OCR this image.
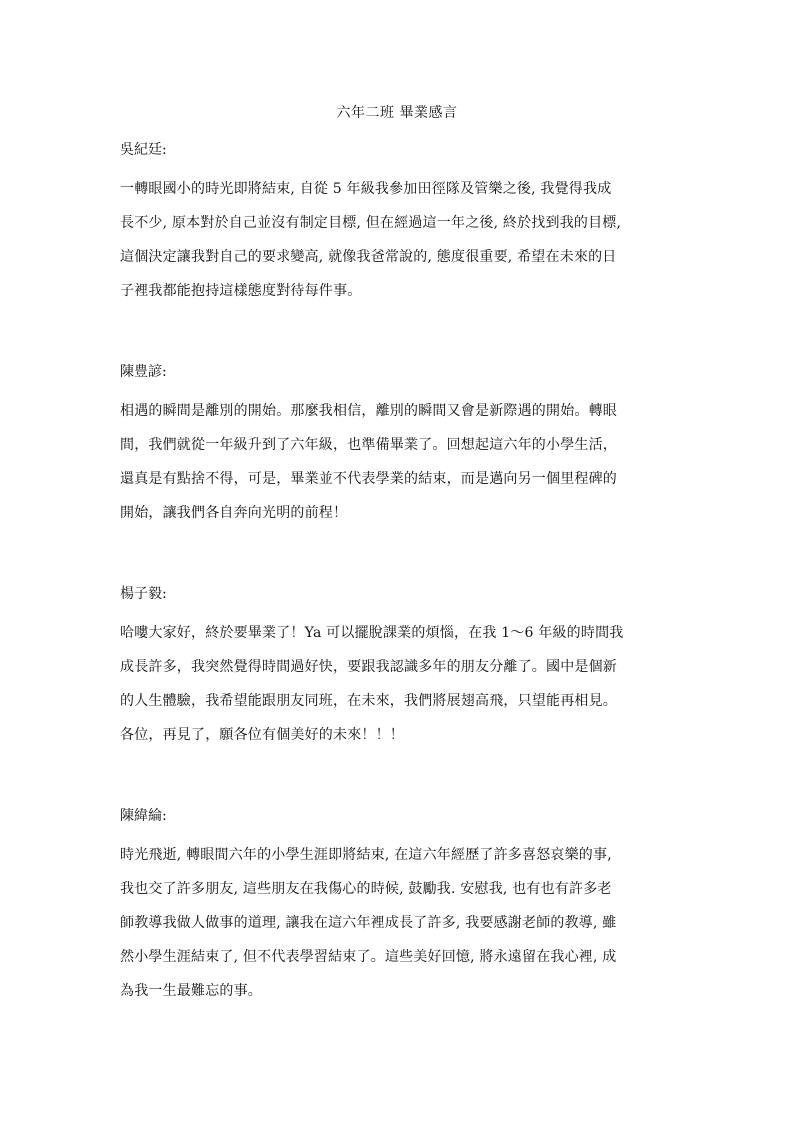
六年二班 畢業感言

吳紀廷:

一轉眼國小的時光即將結束, 自從 5 年級我參加田徑隊及管樂之後, 我覺得我成
長不少, 原本對於自己並沒有制定目標, 但在經過這一年之後, 終於找到我的目標,
這個決定讓我對自己的要求變高, 就像我爸常說的, 態度很重要, 希望在未來的日
子裡我都能抱持這樣態度對待每件事。

陳豊諺:

相遇的瞬間是離別的開始。那麼我相信，離別的瞬間又會是新際遇的開始。轉眼
間，我們就從一年級升到了六年級，也準備畢業了。回想起這六年的小學生活，
還真是有點捨不得，可是，畢業並不代表學業的結束，而是邁向另一個里程碑的
開始，讓我們各自奔向光明的前程！

楊子毅:

哈嘍大家好，終於要畢業了！Ya 可以擺脫課業的煩惱，在我 1～6 年級的時間我
成長許多，我突然覺得時間過好快，要跟我認識多年的朋友分離了。國中是個新
的人生體驗，我希望能跟朋友同班，在未來，我們將展翅高飛，只望能再相見。
各位，再見了，願各位有個美好的未來！！！

陳緯綸:

時光飛逝, 轉眼間六年的小學生涯即將結束, 在這六年經歷了許多喜怒哀樂的事,
我也交了許多朋友, 這些朋友在我傷心的時候, 鼓勵我. 安慰我, 也有也有許多老
師教導我做人做事的道理, 讓我在這六年裡成長了許多, 我要感謝老師的教導, 雖
然小學生涯結束了, 但不代表學習結束了。這些美好回憶, 將永遠留在我心裡, 成
為我一生最難忘的事。
